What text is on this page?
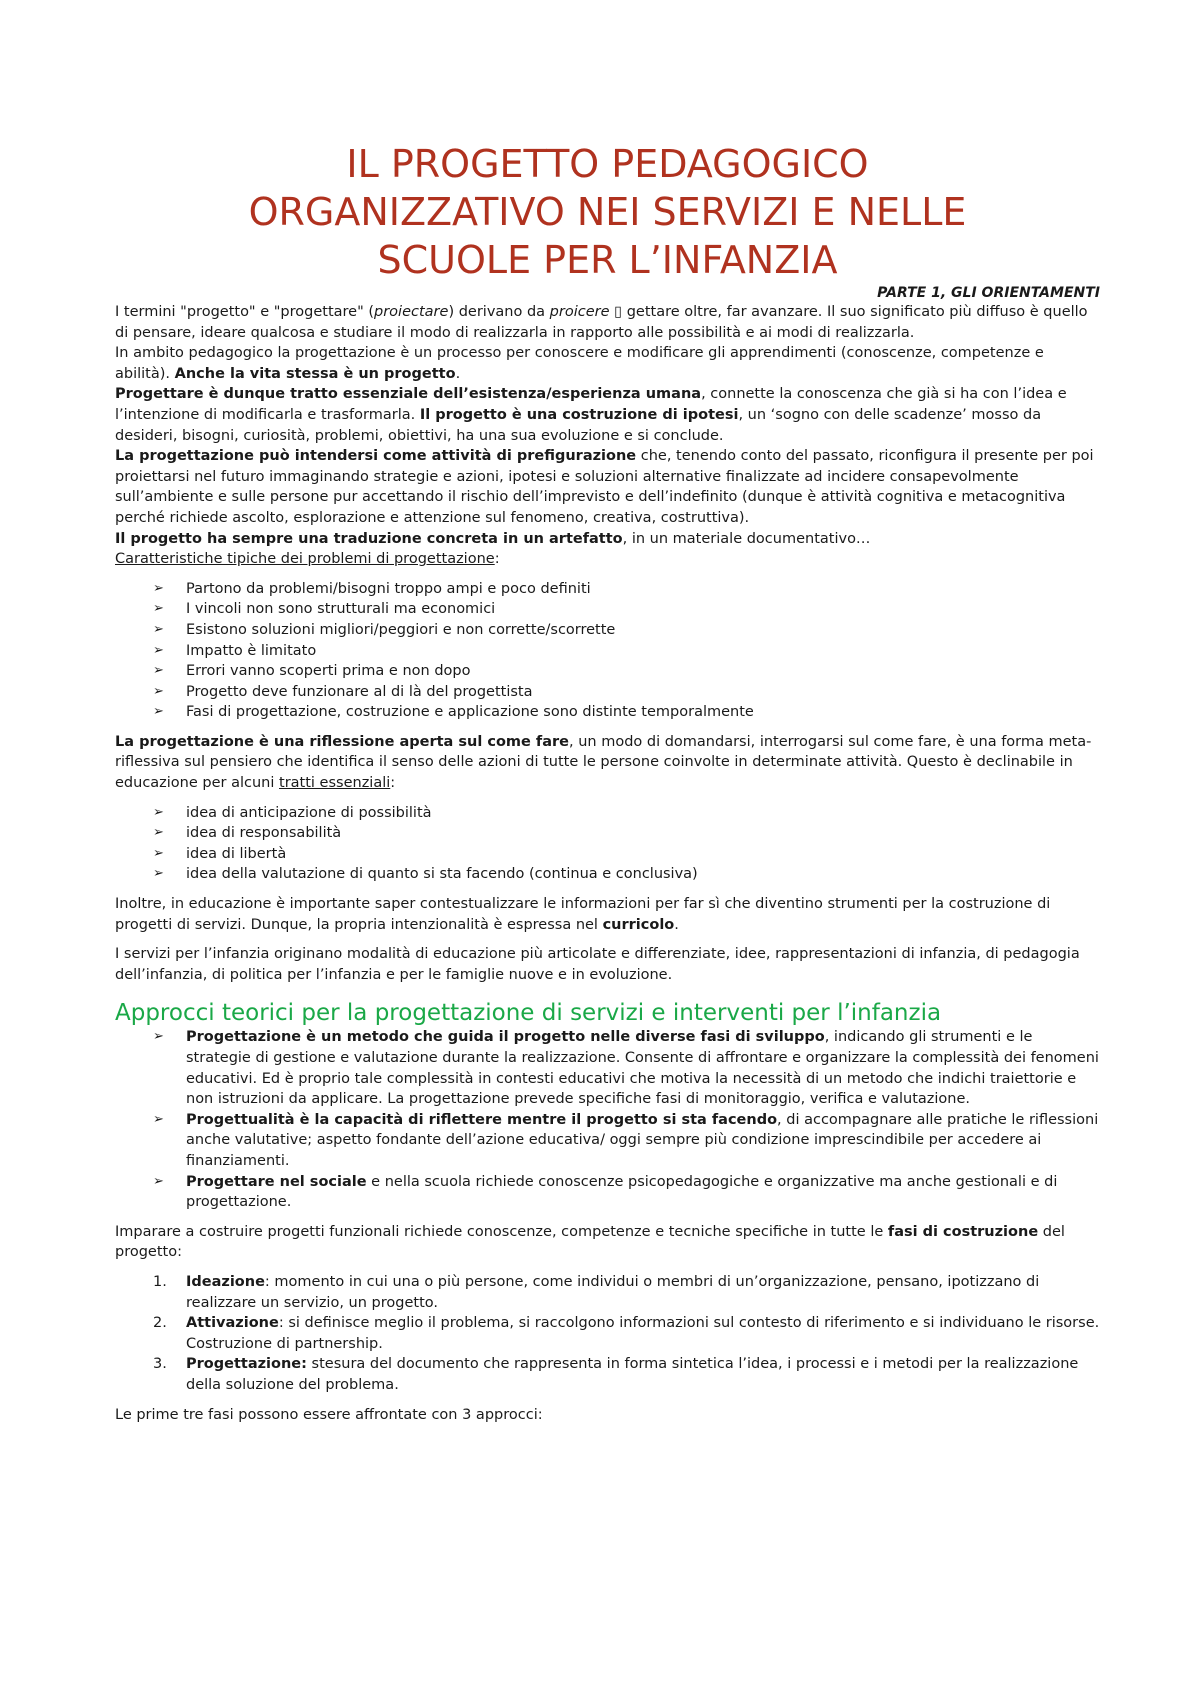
IL PROGETTO PEDAGOGICO
ORGANIZZATIVO NEI SERVIZI E NELLE
SCUOLE PER L’INFANZIA
PARTE 1, GLI ORIENTAMENTI

I termini "progetto" e "progettare" (proiectare) derivano da proicere ▯ gettare oltre, far avanzare. Il suo significato più diffuso è quello di pensare, ideare qualcosa e studiare il modo di realizzarla in rapporto alle possibilità e ai modi di realizzarla.

In ambito pedagogico la progettazione è un processo per conoscere e modificare gli apprendimenti (conoscenze, competenze e abilità). Anche la vita stessa è un progetto.

Progettare è dunque tratto essenziale dell’esistenza/esperienza umana, connette la conoscenza che già si ha con l’idea e l’intenzione di modificarla e trasformarla. Il progetto è una costruzione di ipotesi, un ‘sogno con delle scadenze’ mosso da desideri, bisogni, curiosità, problemi, obiettivi, ha una sua evoluzione e si conclude.

La progettazione può intendersi come attività di prefigurazione che, tenendo conto del passato, riconfigura il presente per poi proiettarsi nel futuro immaginando strategie e azioni, ipotesi e soluzioni alternative finalizzate ad incidere consapevolmente sull’ambiente e sulle persone pur accettando il rischio dell’imprevisto e dell’indefinito (dunque è attività cognitiva e metacognitiva perché richiede ascolto, esplorazione e attenzione sul fenomeno, creativa, costruttiva).

Il progetto ha sempre una traduzione concreta in un artefatto, in un materiale documentativo…

Caratteristiche tipiche dei problemi di progettazione:

➢ Partono da problemi/bisogni troppo ampi e poco definiti
➢ I vincoli non sono strutturali ma economici
➢ Esistono soluzioni migliori/peggiori e non corrette/scorrette
➢ Impatto è limitato
➢ Errori vanno scoperti prima e non dopo
➢ Progetto deve funzionare al di là del progettista
➢ Fasi di progettazione, costruzione e applicazione sono distinte temporalmente

La progettazione è una riflessione aperta sul come fare, un modo di domandarsi, interrogarsi sul come fare, è una forma meta-riflessiva sul pensiero che identifica il senso delle azioni di tutte le persone coinvolte in determinate attività. Questo è declinabile in educazione per alcuni tratti essenziali:

➢ idea di anticipazione di possibilità
➢ idea di responsabilità
➢ idea di libertà
➢ idea della valutazione di quanto si sta facendo (continua e conclusiva)

Inoltre, in educazione è importante saper contestualizzare le informazioni per far sì che diventino strumenti per la costruzione di progetti di servizi. Dunque, la propria intenzionalità è espressa nel curricolo.

I servizi per l’infanzia originano modalità di educazione più articolate e differenziate, idee, rappresentazioni di infanzia, di pedagogia dell’infanzia, di politica per l’infanzia e per le famiglie nuove e in evoluzione.

Approcci teorici per la progettazione di servizi e interventi per l’infanzia
➢ Progettazione è un metodo che guida il progetto nelle diverse fasi di sviluppo, indicando gli strumenti e le strategie di gestione e valutazione durante la realizzazione. Consente di affrontare e organizzare la complessità dei fenomeni educativi. Ed è proprio tale complessità in contesti educativi che motiva la necessità di un metodo che indichi traiettorie e non istruzioni da applicare. La progettazione prevede specifiche fasi di monitoraggio, verifica e valutazione.
➢ Progettualità è la capacità di riflettere mentre il progetto si sta facendo, di accompagnare alle pratiche le riflessioni anche valutative; aspetto fondante dell’azione educativa/ oggi sempre più condizione imprescindibile per accedere ai finanziamenti.
➢ Progettare nel sociale e nella scuola richiede conoscenze psicopedagogiche e organizzative ma anche gestionali e di progettazione.

Imparare a costruire progetti funzionali richiede conoscenze, competenze e tecniche specifiche in tutte le fasi di costruzione del progetto:

1. Ideazione: momento in cui una o più persone, come individui o membri di un’organizzazione, pensano, ipotizzano di realizzare un servizio, un progetto.
2. Attivazione: si definisce meglio il problema, si raccolgono informazioni sul contesto di riferimento e si individuano le risorse. Costruzione di partnership.
3. Progettazione: stesura del documento che rappresenta in forma sintetica l’idea, i processi e i metodi per la realizzazione della soluzione del problema.

Le prime tre fasi possono essere affrontate con 3 approcci:
